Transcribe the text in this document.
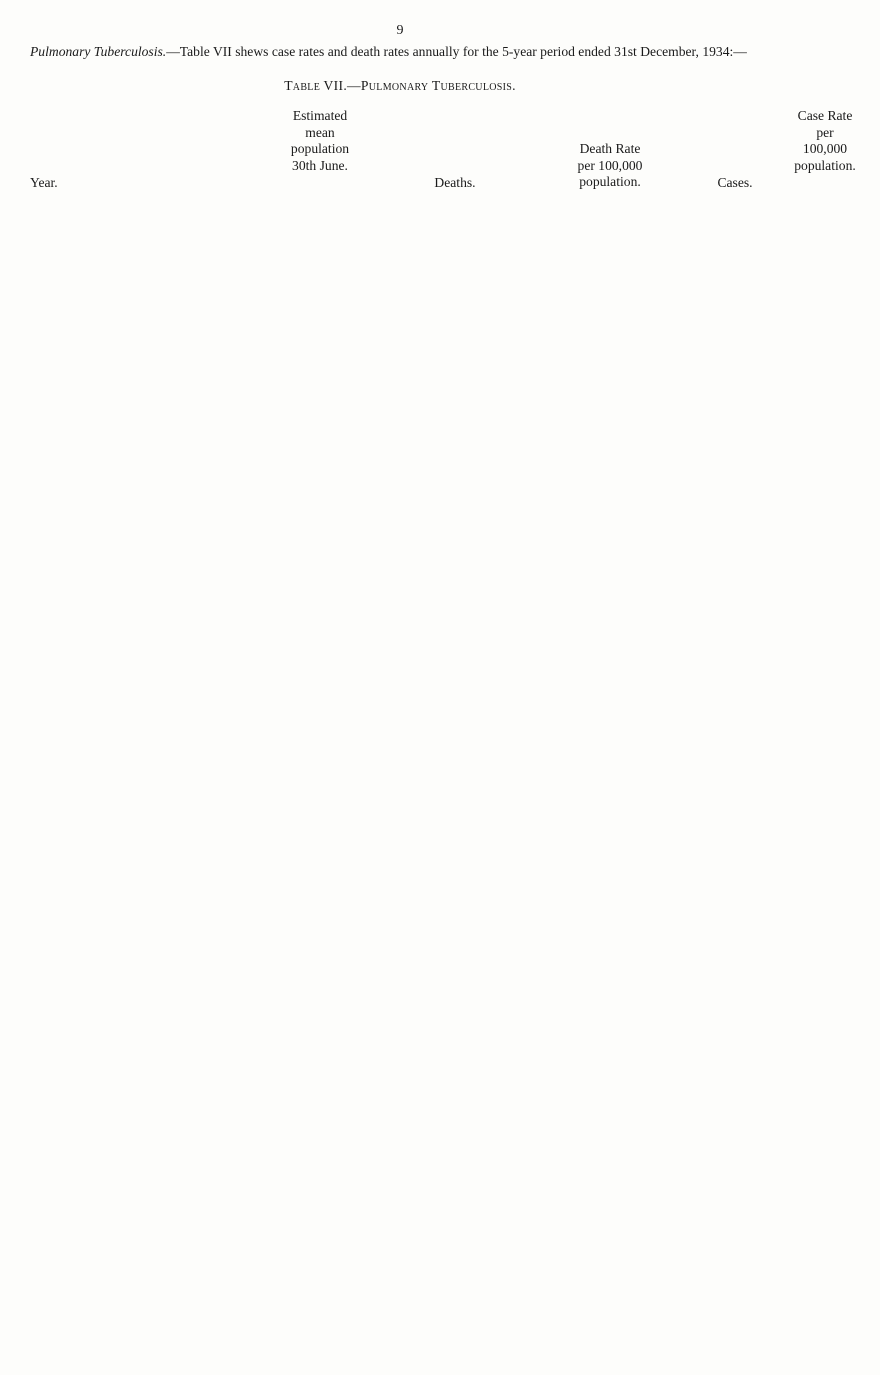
9

Pulmonary Tuberculosis.—Table VII shews case rates and death rates annually for the 5-year period ended 31st December, 1934:—

Table VII.—Pulmonary Tuberculosis.
Year.
Estimated
mean
population
30th June.
Deaths.
Death Rate
per 100,000
population.	Cases.
Case Rate
per
100,000
population.
